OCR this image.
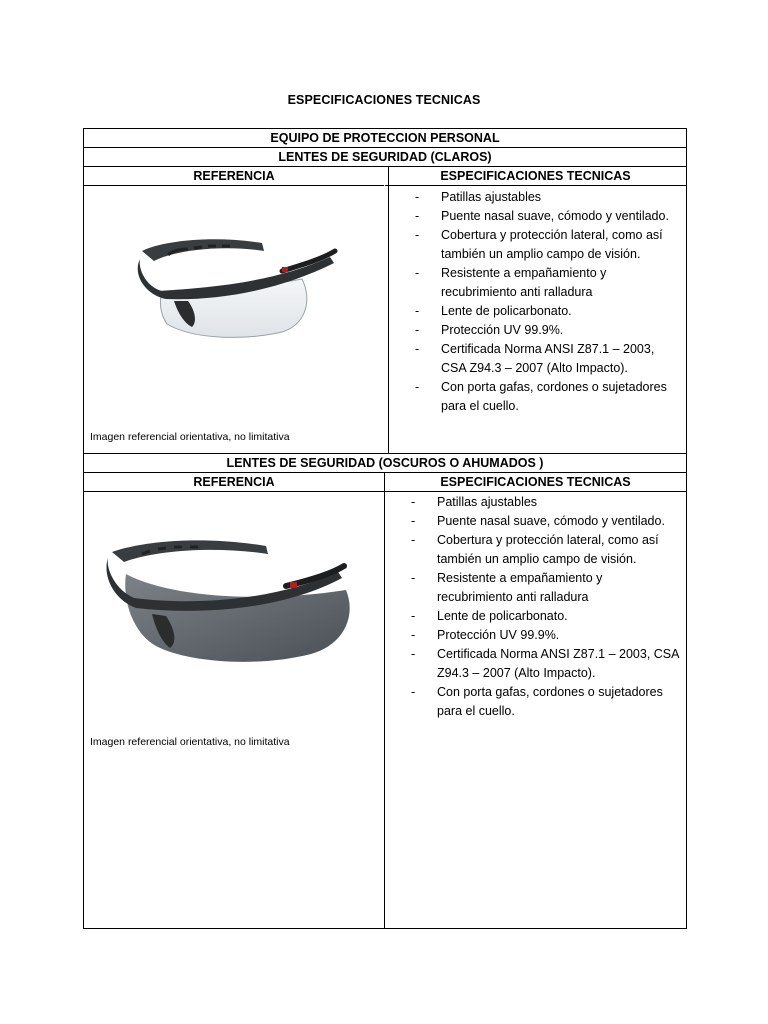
ESPECIFICACIONES TECNICAS
EQUIPO DE PROTECCION PERSONAL
LENTES DE SEGURIDAD (CLAROS)
REFERENCIA	ESPECIFICACIONES TECNICAS
Imagen referencial orientativa, no limitativa
- Patillas ajustables
- Puente nasal suave, cómodo y ventilado.
- Cobertura y protección lateral, como así también un amplio campo de visión.
- Resistente a empañamiento y recubrimiento anti ralladura
- Lente de policarbonato.
- Protección UV 99.9%.
- Certificada Norma ANSI Z87.1 – 2003, CSA Z94.3 – 2007 (Alto Impacto).
- Con porta gafas, cordones o sujetadores para el cuello.
LENTES DE SEGURIDAD (OSCUROS O AHUMADOS )
REFERENCIA	ESPECIFICACIONES TECNICAS
Imagen referencial orientativa, no limitativa
- Patillas ajustables
- Puente nasal suave, cómodo y ventilado.
- Cobertura y protección lateral, como así también un amplio campo de visión.
- Resistente a empañamiento y recubrimiento anti ralladura
- Lente de policarbonato.
- Protección UV 99.9%.
- Certificada Norma ANSI Z87.1 – 2003, CSA Z94.3 – 2007 (Alto Impacto).
- Con porta gafas, cordones o sujetadores para el cuello.
